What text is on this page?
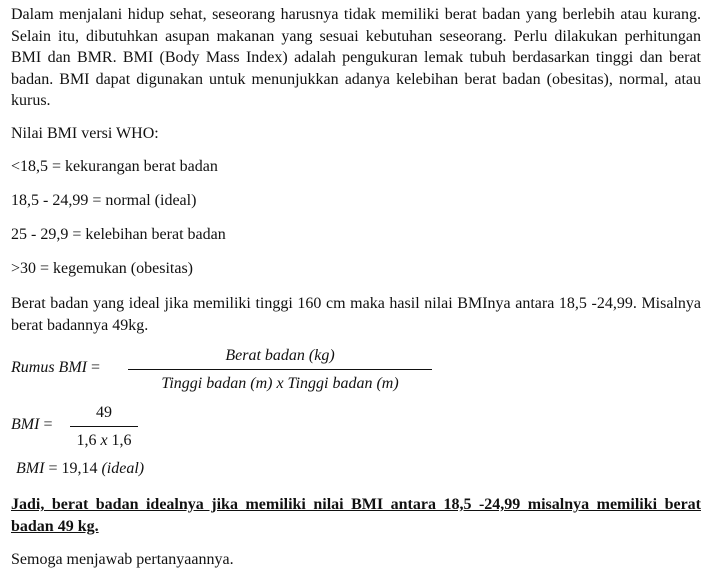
Dalam menjalani hidup sehat, seseorang harusnya tidak memiliki berat badan yang berlebih atau kurang. Selain itu, dibutuhkan asupan makanan yang sesuai kebutuhan seseorang. Perlu dilakukan perhitungan BMI dan BMR. BMI (Body Mass Index) adalah pengukuran lemak tubuh berdasarkan tinggi dan berat badan. BMI dapat digunakan untuk menunjukkan adanya kelebihan berat badan (obesitas), normal, atau kurus.

Nilai BMI versi WHO:

<18,5 = kekurangan berat badan

18,5 - 24,99 = normal (ideal)

25 - 29,9 = kelebihan berat badan

>30 = kegemukan (obesitas)

Berat badan yang ideal jika memiliki tinggi 160 cm maka hasil nilai BMInya antara 18,5 -24,99. Misalnya berat badannya 49kg.

Rumus BMI =
Berat badan (kg)
Tinggi badan (m) x Tinggi badan (m)
BMI =
49
1,6 x 1,6
BMI = 19,14 (ideal)

Jadi, berat badan idealnya jika memiliki nilai BMI antara 18,5 -24,99 misalnya memiliki berat badan 49 kg.

Semoga menjawab pertanyaannya.
